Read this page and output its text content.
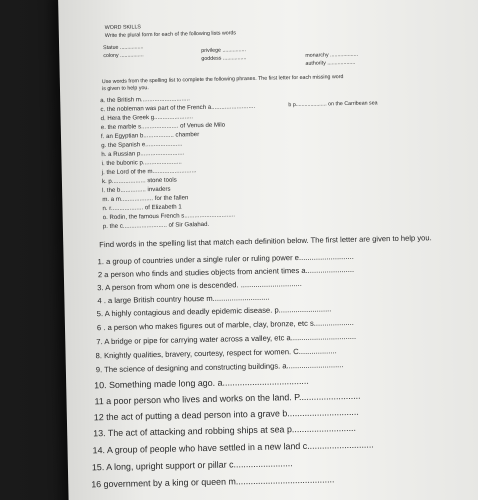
WORD SKILLS
Write the plural form for each of the following lists words
Statue ................
colony ................
privilege ................
goddess ................	monarchy ...................
authority ...................
Use words from the spelling list to complete the following phrases. The first letter for each missing word
is given to help you.
a. the British m.............................
c. the nobleman was part of the French a..........................	b p..................... on the Carribean sea
d. Hera the Greek g.......................
e. the marble s...................... of Venus de Milo
f. an Egyptian b.................. chamber
g. the Spanish e......................
h. a Russian p..........................
i. the bubonic p.......................
j. the Lord of the m..........................
k. p.................... stone tools
l. the b............... invaders
m. a m................... for the fallen
n. r................... of Elizabeth 1
o. Rodin, the famous French s..............................
p. the c.......................... of Sir Galahad.
Find words in the spelling list that match each definition below. The first letter are given to help you.
1. a group of countries under a single ruler or ruling power e..........................
2 a person who finds and studies objects from ancient times a.......................
3. A person from whom one is descended. .............................
4 . a large British country house m...........................
5. A highly contagious and deadly epidemic disease. p.........................
6 . a person who makes figures out of marble, clay, bronze, etc s...................
7. A bridge or pipe for carrying water across a valley, etc a...............................
8. Knightly qualities, bravery, courtesy, respect for women. C..................
9. The science of designing and constructing buildings. a...........................
10. Something made long ago. a...................................
11 a poor person who lives and works on the land. P.........................
12 the act of putting a dead person into a grave b.............................
13. The act of attacking and robbing ships at sea p..........................
14. A group of people who have settled in a new land c...........................
15. A long, upright support or pillar c........................
16 government by a king or queen m........................................
